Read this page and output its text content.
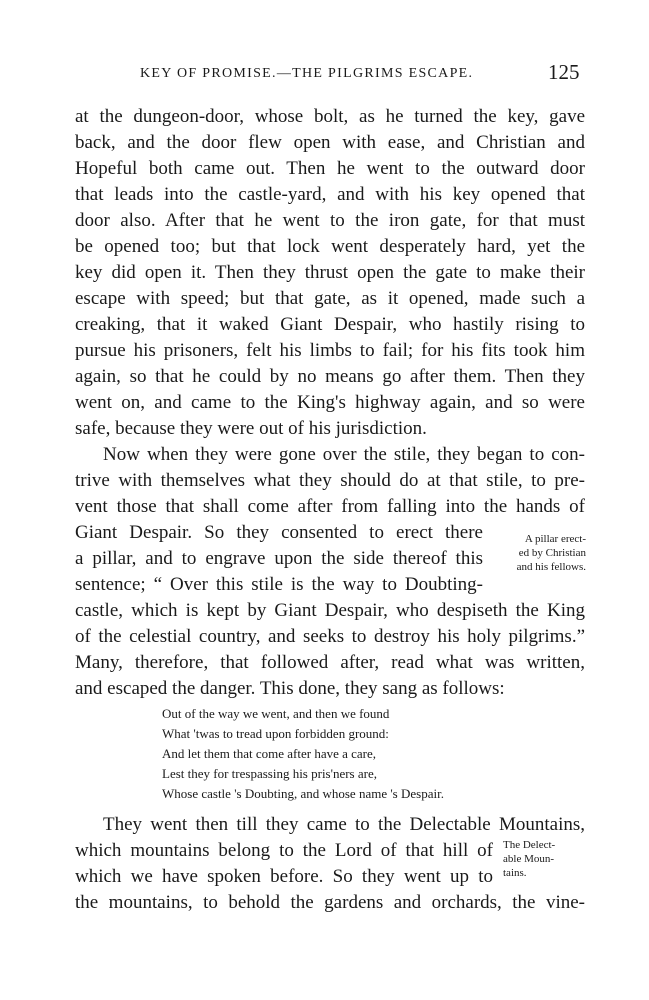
KEY OF PROMISE.—THE PILGRIMS ESCAPE.	125
at the dungeon-door, whose bolt, as he turned the key, gave
back, and the door flew open with ease, and Christian and
Hopeful both came out. Then he went to the outward door
that leads into the castle-yard, and with his key opened that
door also. After that he went to the iron gate, for that must
be opened too; but that lock went desperately hard, yet the
key did open it. Then they thrust open the gate to make their
escape with speed; but that gate, as it opened, made such a
creaking, that it waked Giant Despair, who hastily rising to
pursue his prisoners, felt his limbs to fail; for his fits took him
again, so that he could by no means go after them. Then they
went on, and came to the King's highway again, and so were
safe, because they were out of his jurisdiction.
Now when they were gone over the stile, they began to con-
trive with themselves what they should do at that stile, to pre-
vent those that shall come after from falling into the hands of
Giant Despair. So they consented to erect there
a pillar, and to engrave upon the side thereof this
sentence; “ Over this stile is the way to Doubting-
castle, which is kept by Giant Despair, who despiseth the King
of the celestial country, and seeks to destroy his holy pilgrims.”
Many, therefore, that followed after, read what was written,
and escaped the danger. This done, they sang as follows:
A pillar erect-
ed by Christian
and his fellows.
Out of the way we went, and then we found
What 'twas to tread upon forbidden ground:
And let them that come after have a care,
Lest they for trespassing his pris'ners are,
Whose castle 's Doubting, and whose name 's Despair.
They went then till they came to the Delectable Mountains,
which mountains belong to the Lord of that hill of
which we have spoken before. So they went up to
the mountains, to behold the gardens and orchards, the vine-
The Delect-
able Moun-
tains.
